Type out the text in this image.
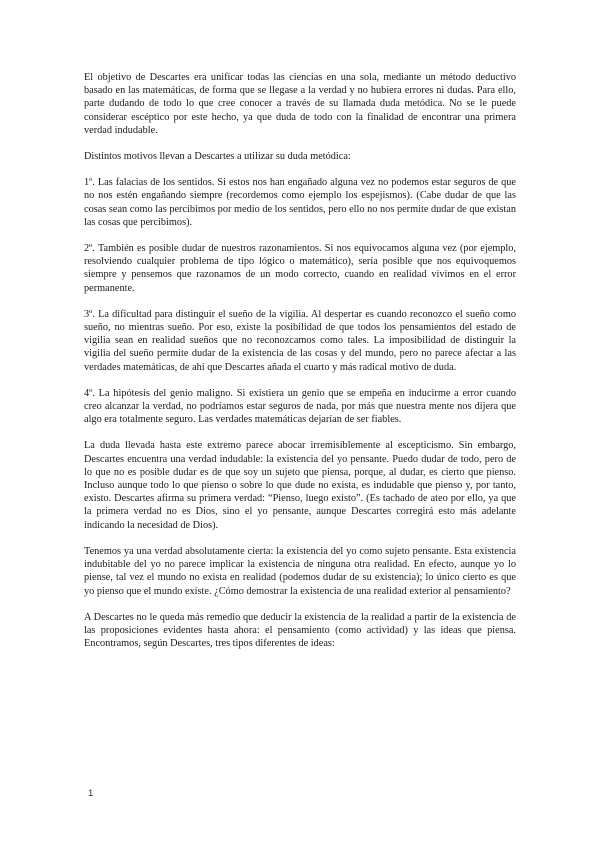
El objetivo de Descartes era unificar todas las ciencias en una sola, mediante un método deductivo basado en las matemáticas, de forma que se llegase a la verdad y no hubiera errores ni dudas. Para ello, parte dudando de todo lo que cree conocer a través de su llamada duda metódica. No se le puede considerar escéptico por este hecho, ya que duda de todo con la finalidad de encontrar una primera verdad indudable.

Distintos motivos llevan a Descartes a utilizar su duda metódica:

1º. Las falacias de los sentidos. Si estos nos han engañado alguna vez no podemos estar seguros de que no nos estén engañando siempre (recordemos como ejemplo los espejismos). (Cabe dudar de que las cosas sean como las percibimos por medio de los sentidos, pero ello no nos permite dudar de que existan las cosas que percibimos).

2º. También es posible dudar de nuestros razonamientos. Si nos equivocamos alguna vez (por ejemplo, resolviendo cualquier problema de tipo lógico o matemático), sería posible que nos equivoquemos siempre y pensemos que razonamos de un modo correcto, cuando en realidad vivimos en el error permanente.

3º. La dificultad para distinguir el sueño de la vigilia. Al despertar es cuando reconozco el sueño como sueño, no mientras sueño. Por eso, existe la posibilidad de que todos los pensamientos del estado de vigilia sean en realidad sueños que no reconozcamos como tales. La imposibilidad de distinguir la vigilia del sueño permite dudar de la existencia de las cosas y del mundo, pero no parece afectar a las verdades matemáticas, de ahí que Descartes añada el cuarto y más radical motivo de duda.

4º. La hipótesis del genio maligno. Si existiera un genio que se empeña en inducirme a error cuando creo alcanzar la verdad, no podríamos estar seguros de nada, por más que nuestra mente nos dijera que algo era totalmente seguro. Las verdades matemáticas dejarían de ser fiables.

La duda llevada hasta este extremo parece abocar irremisiblemente al escepticismo. Sin embargo, Descartes encuentra una verdad indudable: la existencia del yo pensante. Puedo dudar de todo, pero de lo que no es posible dudar es de que soy un sujeto que piensa, porque, al dudar, es cierto que pienso. Incluso aunque todo lo que pienso o sobre lo que dude no exista, es indudable que pienso y, por tanto, existo. Descartes afirma su primera verdad: “Pienso, luego existo”. (Es tachado de ateo por ello, ya que la primera verdad no es Dios, sino el yo pensante, aunque Descartes corregirá esto más adelante indicando la necesidad de Dios).

Tenemos ya una verdad absolutamente cierta: la existencia del yo como sujeto pensante. Esta existencia indubitable del yo no parece implicar la existencia de ninguna otra realidad. En efecto, aunque yo lo piense, tal vez el mundo no exista en realidad (podemos dudar de su existencia); lo único cierto es que yo pienso que el mundo existe. ¿Cómo demostrar la existencia de una realidad exterior al pensamiento?

A Descartes no le queda más remedio que deducir la existencia de la realidad a partir de la existencia de las proposiciones evidentes hasta ahora: el pensamiento (como actividad) y las ideas que piensa. Encontramos, según Descartes, tres tipos diferentes de ideas:

1
